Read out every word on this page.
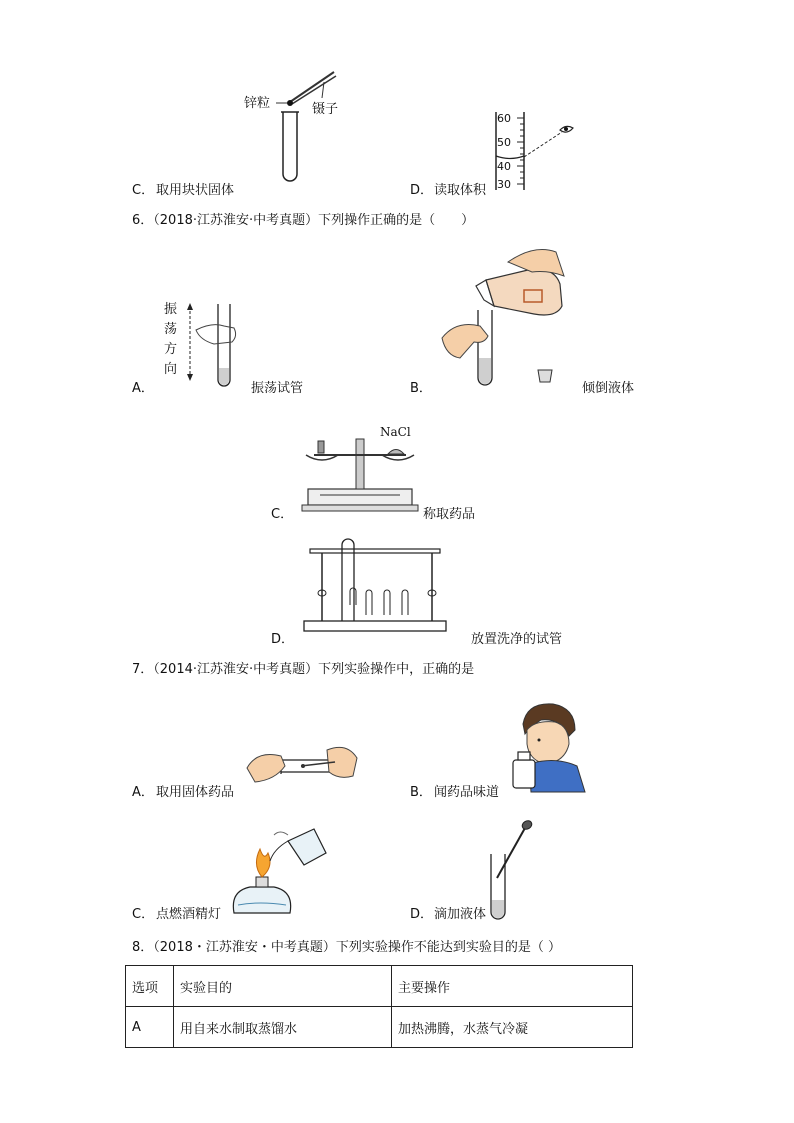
锌粒	镊子
C． 取用块状固体
60
50
40
30
D． 读取体积
6．（2018·江苏淮安·中考真题）下列操作正确的是（　　）
振
荡
方
向
A．	振荡试管	B．	倾倒液体
NaCl
C．	称取药品
D．	放置洗净的试管
7．（2014·江苏淮安·中考真题）下列实验操作中，正确的是
A． 取用固体药品	B． 闻药品味道
C． 点燃酒精灯	D． 滴加液体
8．（2018・江苏淮安・中考真题）下列实验操作不能达到实验目的是（ ）
选项	实验目的	主要操作
A	用自来水制取蒸馏水	加热沸腾，水蒸气冷凝
